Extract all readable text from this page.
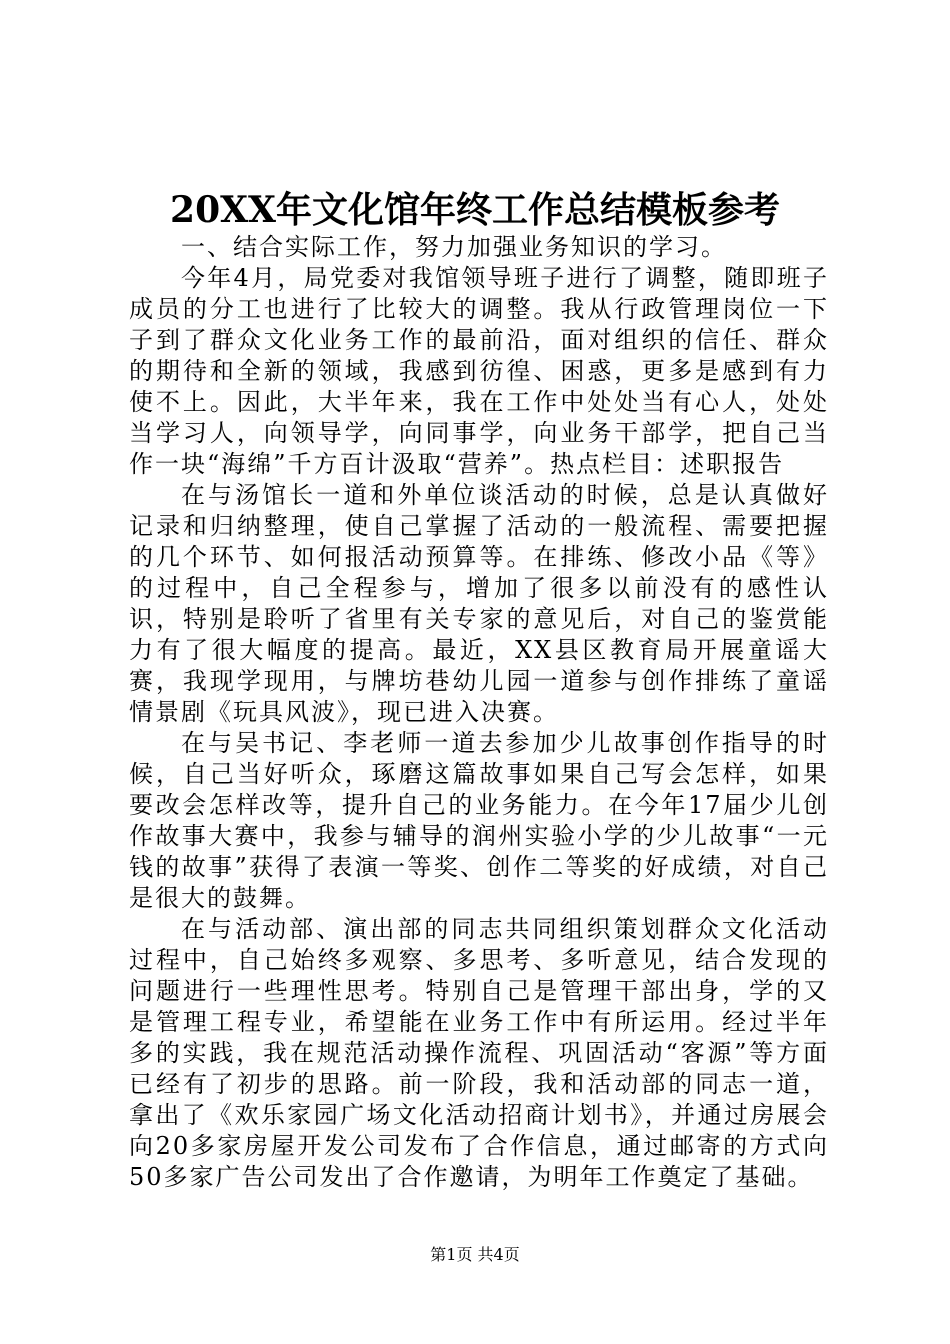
20XX年文化馆年终工作总结模板参考

一、结合实际工作，努力加强业务知识的学习。

今年4月，局党委对我馆领导班子进行了调整，随即班子成员的分工也进行了比较大的调整。我从行政管理岗位一下子到了群众文化业务工作的最前沿，面对组织的信任、群众的期待和全新的领域，我感到彷徨、困惑，更多是感到有力使不上。因此，大半年来，我在工作中处处当有心人，处处当学习人，向领导学，向同事学，向业务干部学，把自己当作一块“海绵”千方百计汲取“营养”。热点栏目：述职报告

在与汤馆长一道和外单位谈活动的时候，总是认真做好记录和归纳整理，使自己掌握了活动的一般流程、需要把握的几个环节、如何报活动预算等。在排练、修改小品《等》的过程中，自己全程参与，增加了很多以前没有的感性认识，特别是聆听了省里有关专家的意见后，对自己的鉴赏能力有了很大幅度的提高。最近，XX县区教育局开展童谣大赛，我现学现用，与牌坊巷幼儿园一道参与创作排练了童谣情景剧《玩具风波》，现已进入决赛。

在与吴书记、李老师一道去参加少儿故事创作指导的时候，自己当好听众，琢磨这篇故事如果自己写会怎样，如果要改会怎样改等，提升自己的业务能力。在今年17届少儿创作故事大赛中，我参与辅导的润州实验小学的少儿故事“一元钱的故事”获得了表演一等奖、创作二等奖的好成绩，对自己是很大的鼓舞。

在与活动部、演出部的同志共同组织策划群众文化活动过程中，自己始终多观察、多思考、多听意见，结合发现的问题进行一些理性思考。特别自己是管理干部出身，学的又是管理工程专业，希望能在业务工作中有所运用。经过半年多的实践，我在规范活动操作流程、巩固活动“客源”等方面已经有了初步的思路。前一阶段，我和活动部的同志一道，拿出了《欢乐家园广场文化活动招商计划书》，并通过房展会向20多家房屋开发公司发布了合作信息，通过邮寄的方式向50多家广告公司发出了合作邀请，为明年工作奠定了基础。

第1页 共4页
